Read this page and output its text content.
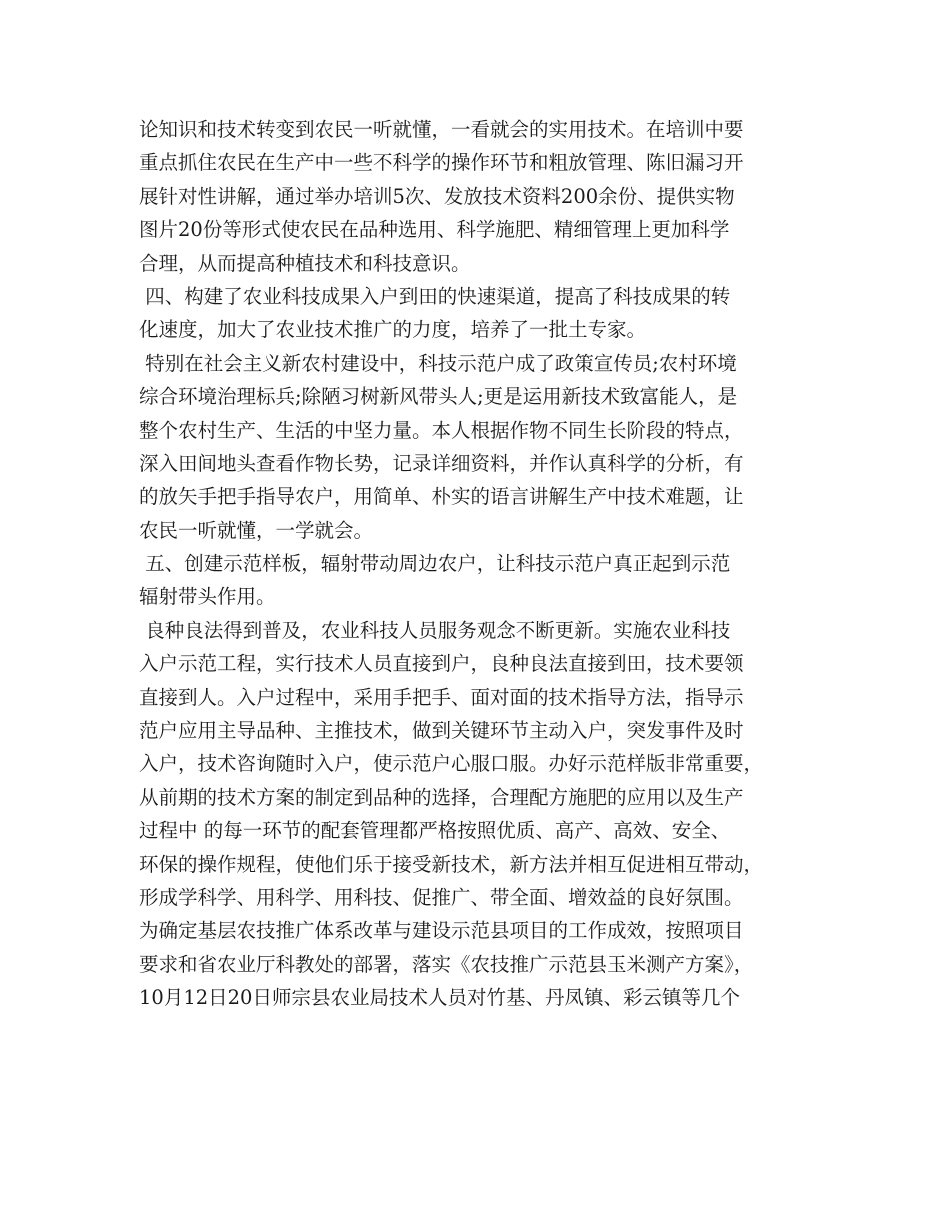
论知识和技术转变到农民一听就懂，一看就会的实用技术。在培训中要
重点抓住农民在生产中一些不科学的操作环节和粗放管理、陈旧漏习开
展针对性讲解，通过举办培训5次、发放技术资料200余份、提供实物
图片20份等形式使农民在品种选用、科学施肥、精细管理上更加科学
合理，从而提高种植技术和科技意识。
四、构建了农业科技成果入户到田的快速渠道，提高了科技成果的转
化速度，加大了农业技术推广的力度，培养了一批土专家。
特别在社会主义新农村建设中，科技示范户成了政策宣传员;农村环境
综合环境治理标兵;除陋习树新风带头人;更是运用新技术致富能人，是
整个农村生产、生活的中坚力量。本人根据作物不同生长阶段的特点，
深入田间地头查看作物长势，记录详细资料，并作认真科学的分析，有
的放矢手把手指导农户，用简单、朴实的语言讲解生产中技术难题，让
农民一听就懂，一学就会。
五、创建示范样板，辐射带动周边农户，让科技示范户真正起到示范
辐射带头作用。
良种良法得到普及，农业科技人员服务观念不断更新。实施农业科技
入户示范工程，实行技术人员直接到户，良种良法直接到田，技术要领
直接到人。入户过程中，采用手把手、面对面的技术指导方法，指导示
范户应用主导品种、主推技术，做到关键环节主动入户，突发事件及时
入户，技术咨询随时入户，使示范户心服口服。办好示范样版非常重要，
从前期的技术方案的制定到品种的选择，合理配方施肥的应用以及生产
过程中 的每一环节的配套管理都严格按照优质、高产、高效、安全、
环保的操作规程，使他们乐于接受新技术，新方法并相互促进相互带动，
形成学科学、用科学、用科技、促推广、带全面、增效益的良好氛围。
为确定基层农技推广体系改革与建设示范县项目的工作成效，按照项目
要求和省农业厅科教处的部署，落实《农技推广示范县玉米测产方案》，
10月12日20日师宗县农业局技术人员对竹基、丹凤镇、彩云镇等几个
